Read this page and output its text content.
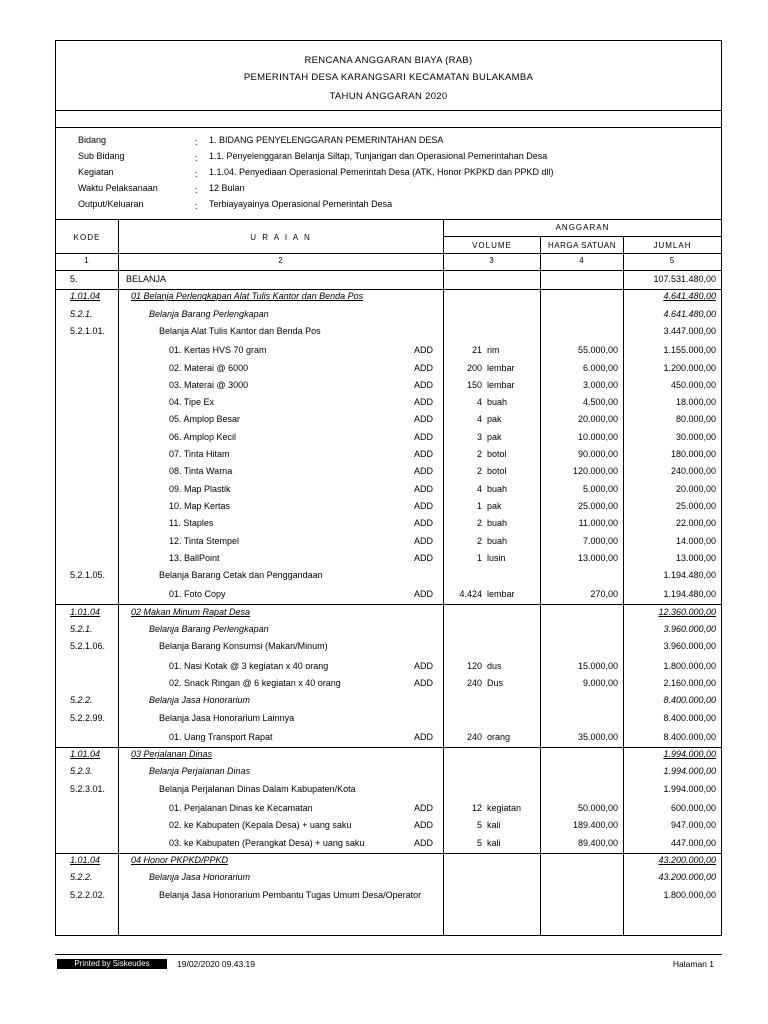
RENCANA ANGGARAN BIAYA (RAB)
PEMERINTAH DESA KARANGSARI KECAMATAN BULAKAMBA
TAHUN ANGGARAN 2020
Bidang	: 1. BIDANG PENYELENGGARAN PEMERINTAHAN DESA
Sub Bidang	: 1.1. Penyelenggaran Belanja Siltap, Tunjangan dan Operasional Pemerintahan Desa
Kegiatan	: 1.1.04. Penyediaan Operasional Pemerintah Desa (ATK, Honor PKPKD dan PPKD dll)
Waktu Pelaksanaan	: 12 Bulan
Output/Keluaran	: Terbiayayainya Operasional Pemerintah Desa
KODE	U R A I A N
ANGGARAN
VOLUME	HARGA SATUAN	JUMLAH
1	2	3	4	5
5.	BELANJA	107.531.480,00
1.01.04	01 Belanja Perlengkapan Alat Tulis Kantor dan Benda Pos	4.641.480,00
5.2.1.	Belanja Barang Perlengkapan	4.641.480,00
5.2.1.01.	Belanja Alat Tulis Kantor dan Benda Pos	3.447.000,00
01. Kertas HVS 70 gram	ADD	21 rim	55.000,00	1.155.000,00
02. Materai @ 6000	ADD	200 lembar	6.000,00	1.200.000,00
03. Materai @ 3000	ADD	150 lembar	3.000,00	450.000,00
04. Tipe Ex	ADD	4 buah	4.500,00	18.000,00
05. Amplop Besar	ADD	4 pak	20.000,00	80.000,00
06. Amplop Kecil	ADD	3 pak	10.000,00	30.000,00
07. Tinta Hitam	ADD	2 botol	90.000,00	180.000,00
08. Tinta Warna	ADD	2 botol	120.000,00	240.000,00
09. Map Plastik	ADD	4 buah	5.000,00	20.000,00
10. Map Kertas	ADD	1 pak	25.000,00	25.000,00
11. Staples	ADD	2 buah	11.000,00	22.000,00
12. Tinta Stempel	ADD	2 buah	7.000,00	14.000,00
13. BallPoint	ADD	1 lusin	13.000,00	13.000,00
5.2.1.05.	Belanja Barang Cetak dan Penggandaan	1.194.480,00
01. Foto Copy	ADD	4.424 lembar	270,00	1.194.480,00
1.01.04	02 Makan Minum Rapat Desa	12.360.000,00
5.2.1.	Belanja Barang Perlengkapan	3.960.000,00
5.2.1.06.	Belanja Barang Konsumsi (Makan/Minum)	3.960.000,00
01. Nasi Kotak @ 3 kegiatan x 40 orang	ADD	120 dus	15.000,00	1.800.000,00
02. Snack Ringan @ 6 kegiatan x 40 orang	ADD	240 Dus	9.000,00	2.160.000,00
5.2.2.	Belanja Jasa Honorarium	8.400.000,00
5.2.2.99.	Belanja Jasa Honorarium Lainnya	8.400.000,00
01. Uang Transport Rapat	ADD	240 orang	35.000,00	8.400.000,00
1.01.04	03 Perjalanan Dinas	1.994.000,00
5.2.3.	Belanja Perjalanan Dinas	1.994.000,00
5.2.3.01.	Belanja Perjalanan Dinas Dalam Kabupaten/Kota	1.994.000,00
01. Perjalanan Dinas ke Kecamatan	ADD	12 kegiatan	50.000,00	600.000,00
02. ke Kabupaten (Kepala Desa) + uang saku	ADD	5 kali	189.400,00	947.000,00
03. ke Kabupaten (Perangkat Desa) + uang saku	ADD	5 kali	89.400,00	447.000,00
1.01.04	04 Honor PKPKD/PPKD	43.200.000,00
5.2.2.	Belanja Jasa Honorarium	43.200.000,00
5.2.2.02.	Belanja Jasa Honorarium Pembantu Tugas Umum Desa/Operator	1.800.000,00
Printed by Siskeudes	19/02/2020 09.43.19	Halaman 1
